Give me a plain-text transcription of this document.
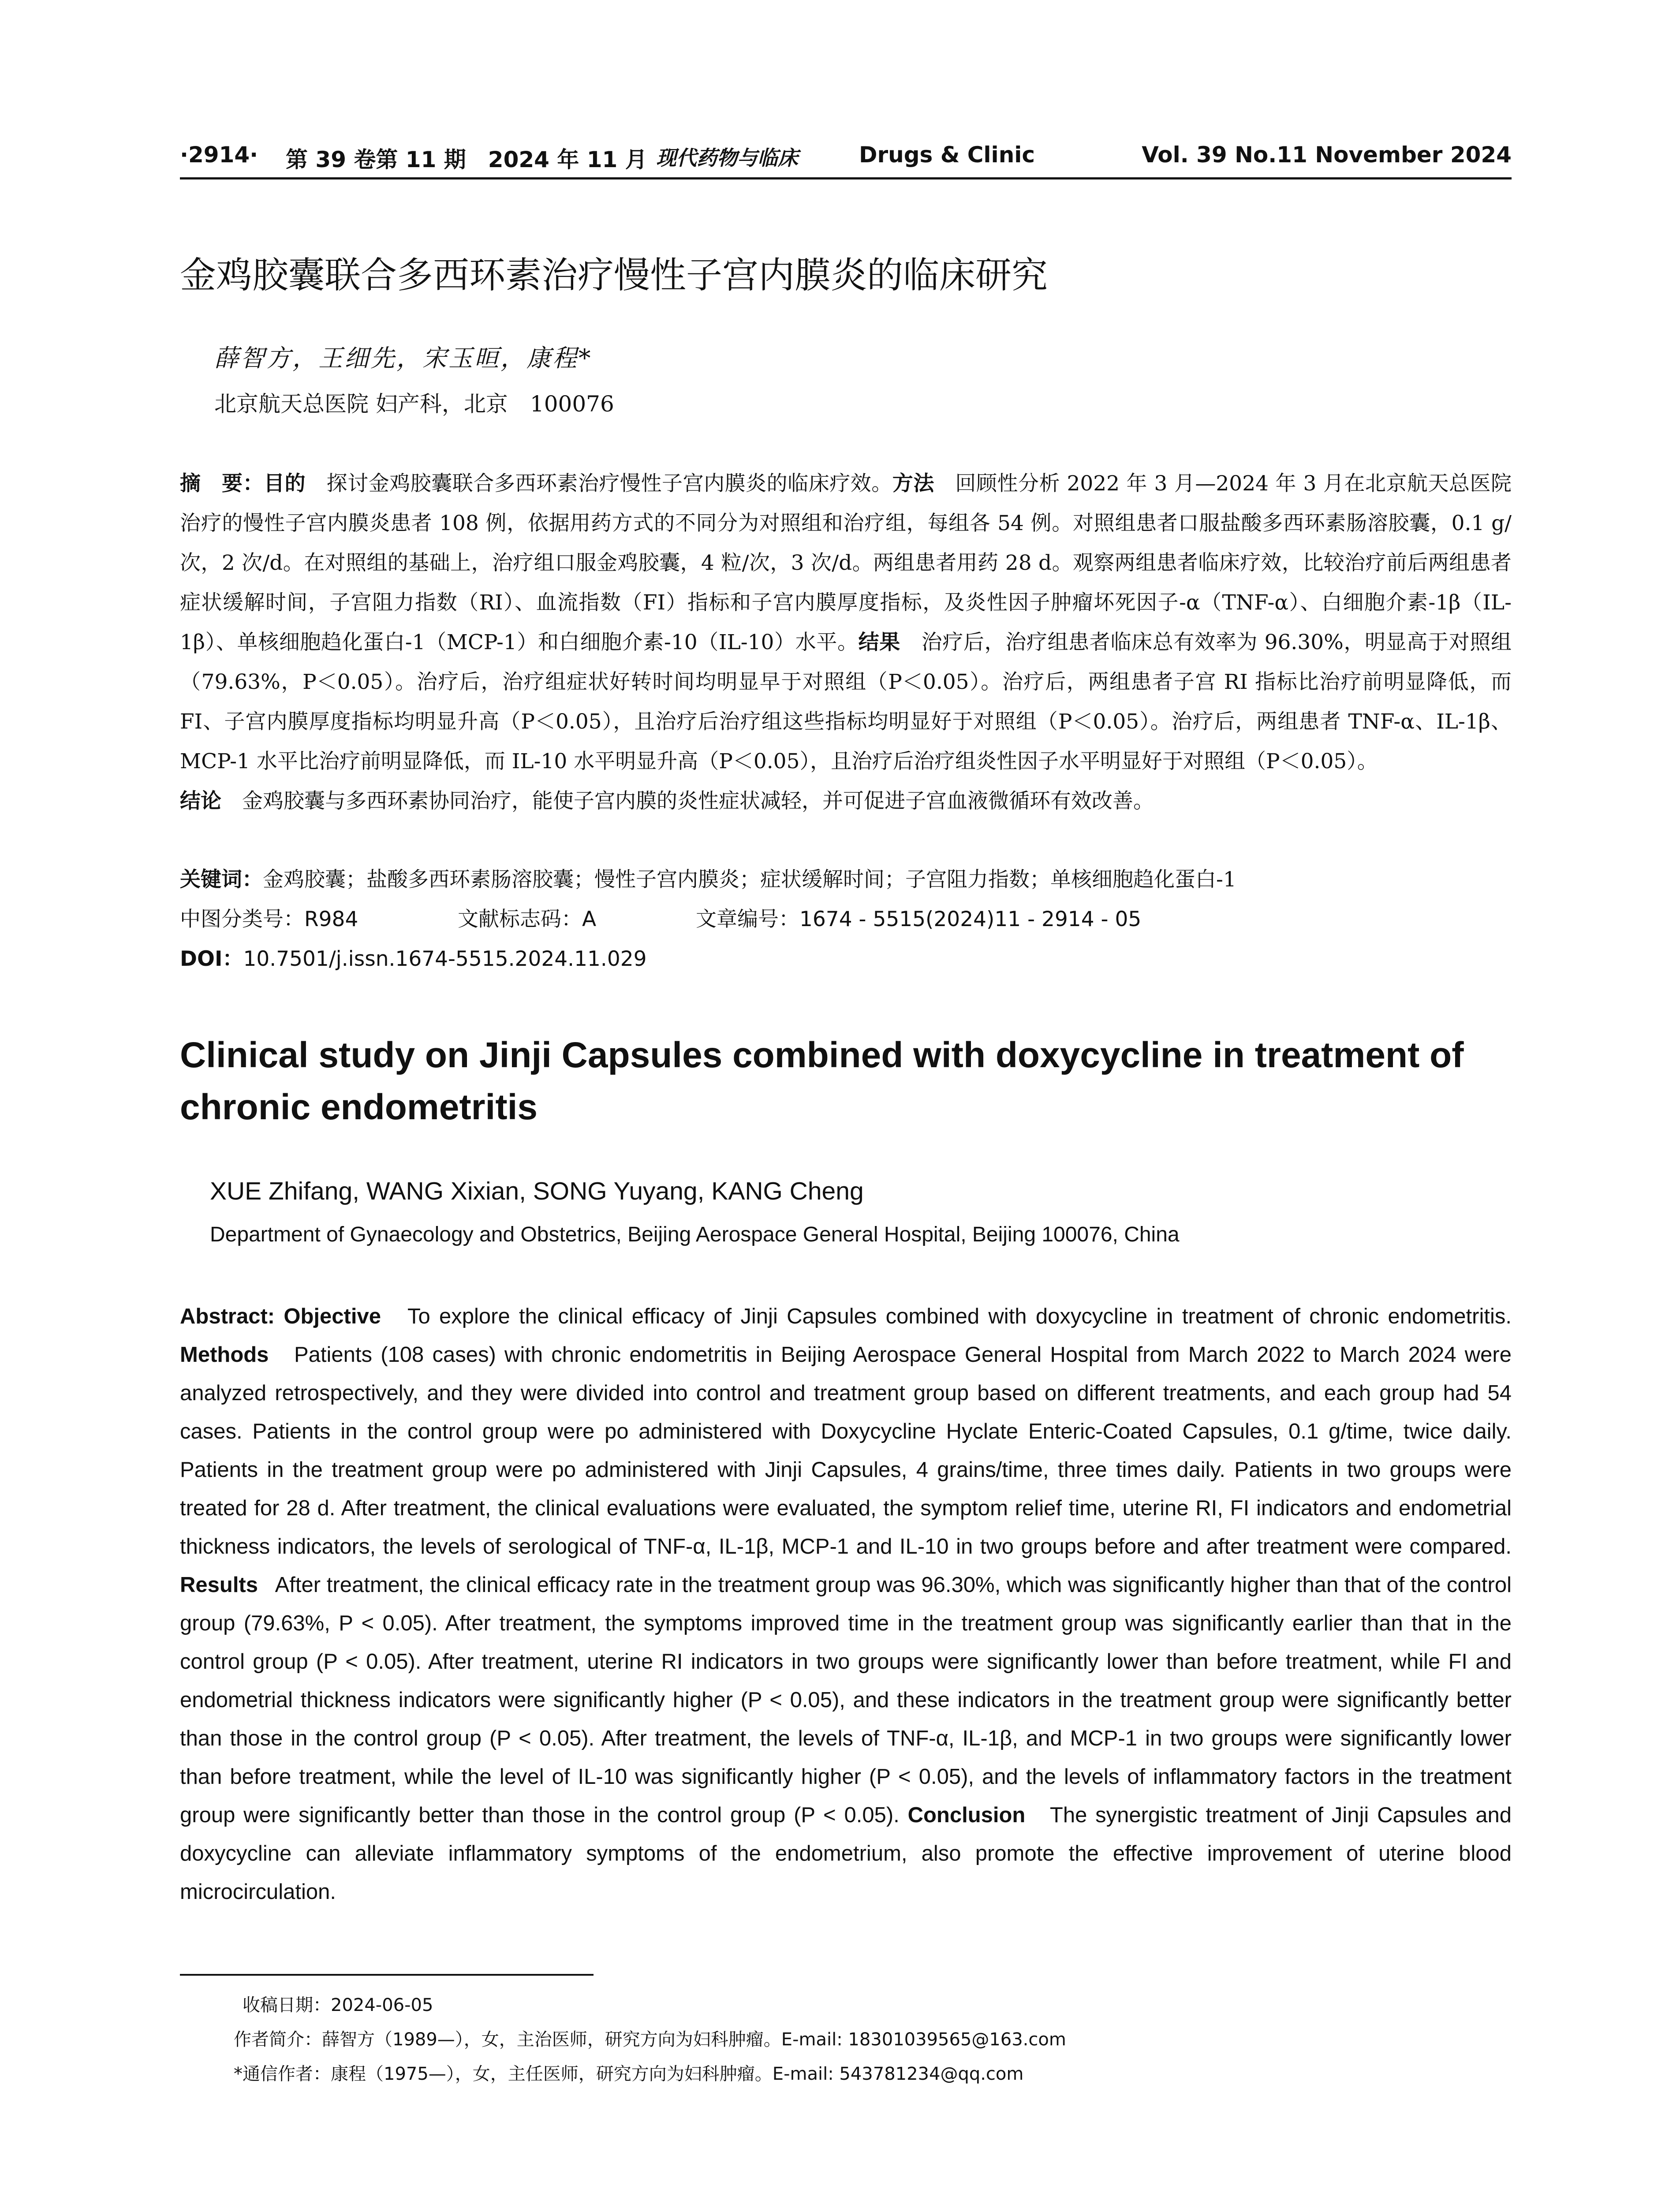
·2914·	第 39 卷第 11 期　2024 年 11 月 现代药物与临床	Drugs & Clinic	Vol. 39 No.11 November 2024
金鸡胶囊联合多西环素治疗慢性子宫内膜炎的临床研究
薛智方，王细先，宋玉晅，康程*
北京航天总医院 妇产科，北京　100076
摘　要：目的　 探讨金鸡胶囊联合多西环素治疗慢性子宫内膜炎的临床疗效。方法　 回顾性分析 2022 年 3 月—2024 年 3 月在北京航天总医院治疗的慢性子宫内膜炎患者 108 例，依据用药方式的不同分为对照组和治疗组，每组各 54 例。对照组患者口服盐酸多西环素肠溶胶囊，0.1 g/次，2 次/d。在对照组的基础上，治疗组口服金鸡胶囊，4 粒/次，3 次/d。两组患者用药 28 d。观察两组患者临床疗效，比较治疗前后两组患者症状缓解时间，子宫阻力指数（RI）、血流指数（FI）指标和子宫内膜厚度指标，及炎性因子肿瘤坏死因子-α（TNF-α）、白细胞介素-1β（IL-1β）、单核细胞趋化蛋白-1（MCP-1）和白细胞介素-10（IL-10）水平。结果　 治疗后，治疗组患者临床总有效率为 96.30%，明显高于对照组（79.63%，P＜0.05）。治疗后，治疗组症状好转时间均明显早于对照组（P＜0.05）。治疗后，两组患者子宫 RI 指标比治疗前明显降低，而 FI、子宫内膜厚度指标均明显升高（P＜0.05），且治疗后治疗组这些指标均明显好于对照组（P＜0.05）。治疗后，两组患者 TNF-α、IL-1β、MCP-1 水平比治疗前明显降低，而 IL-10 水平明显升高（P＜0.05），且治疗后治疗组炎性因子水平明显好于对照组（P＜0.05）。
结论　 金鸡胶囊与多西环素协同治疗，能使子宫内膜的炎性症状减轻，并可促进子宫血液微循环有效改善。
关键词：金鸡胶囊；盐酸多西环素肠溶胶囊；慢性子宫内膜炎；症状缓解时间；子宫阻力指数；单核细胞趋化蛋白-1
中图分类号：R984	文献标志码：A	文章编号：1674 - 5515(2024)11 - 2914 - 05
DOI：10.7501/j.issn.1674-5515.2024.11.029
Clinical study on Jinji Capsules combined with doxycycline in treatment of chronic endometritis
XUE Zhifang, WANG Xixian, SONG Yuyang, KANG Cheng
Department of Gynaecology and Obstetrics, Beijing Aerospace General Hospital, Beijing 100076, China
Abstract: Objective To explore the clinical efficacy of Jinji Capsules combined with doxycycline in treatment of chronic endometritis. Methods Patients (108 cases) with chronic endometritis in Beijing Aerospace General Hospital from March 2022 to March 2024 were analyzed retrospectively, and they were divided into control and treatment group based on different treatments, and each group had 54 cases. Patients in the control group were po administered with Doxycycline Hyclate Enteric-Coated Capsules, 0.1 g/time, twice daily. Patients in the treatment group were po administered with Jinji Capsules, 4 grains/time, three times daily. Patients in two groups were treated for 28 d. After treatment, the clinical evaluations were evaluated, the symptom relief time, uterine RI, FI indicators and endometrial thickness indicators, the levels of serological of TNF-α, IL-1β, MCP-1 and IL-10 in two groups before and after treatment were compared. Results After treatment, the clinical efficacy rate in the treatment group was 96.30%, which was significantly higher than that of the control group (79.63%, P < 0.05). After treatment, the symptoms improved time in the treatment group was significantly earlier than that in the control group (P < 0.05). After treatment, uterine RI indicators in two groups were significantly lower than before treatment, while FI and endometrial thickness indicators were significantly higher (P < 0.05), and these indicators in the treatment group were significantly better than those in the control group (P < 0.05). After treatment, the levels of TNF-α, IL-1β, and MCP-1 in two groups were significantly lower than before treatment, while the level of IL-10 was significantly higher (P < 0.05), and the levels of inflammatory factors in the treatment group were significantly better than those in the control group (P < 0.05). Conclusion The synergistic treatment of Jinji Capsules and doxycycline can alleviate inflammatory symptoms of the endometrium, also promote the effective improvement of uterine blood microcirculation.
收稿日期：2024-06-05
作者简介：薛智方（1989—），女，主治医师，研究方向为妇科肿瘤。E-mail: 18301039565@163.com
*通信作者：康程（1975—），女，主任医师，研究方向为妇科肿瘤。E-mail: 543781234@qq.com
